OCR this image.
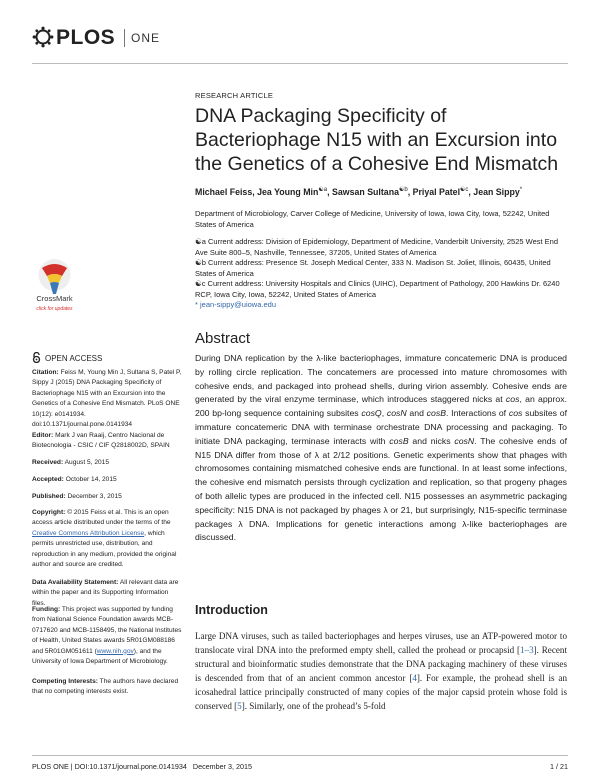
PLOS ONE
RESEARCH ARTICLE
DNA Packaging Specificity of Bacteriophage N15 with an Excursion into the Genetics of a Cohesive End Mismatch
Michael Feiss, Jea Young Min$^{☯a}$, Sawsan Sultana$^{☯b}$, Priyal Patel$^{☯c}$, Jean Sippy*
Department of Microbiology, Carver College of Medicine, University of Iowa, Iowa City, Iowa, 52242, United States of America
☯a Current address: Division of Epidemiology, Department of Medicine, Vanderbilt University, 2525 West End Ave Suite 800–5, Nashville, Tennessee, 37205, United States of America
☯b Current address: Presence St. Joseph Medical Center, 333 N. Madison St. Joliet, Illinois, 60435, United States of America
☯c Current address: University Hospitals and Clinics (UIHC), Department of Pathology, 200 Hawkins Dr. 6240 RCP, Iowa City, Iowa, 52242, United States of America
* jean-sippy@uiowa.edu
CrossMark
click for updates
OPEN ACCESS
Citation: Feiss M, Young Min J, Sultana S, Patel P, Sippy J (2015) DNA Packaging Specificity of Bacteriophage N15 with an Excursion into the Genetics of a Cohesive End Mismatch. PLoS ONE 10(12): e0141934. doi:10.1371/journal.pone.0141934
Editor: Mark J van Raaij, Centro Nacional de Biotecnologia - CSIC / CIF Q2818002D, SPAIN
Received: August 5, 2015
Accepted: October 14, 2015
Published: December 3, 2015
Copyright: © 2015 Feiss et al. This is an open access article distributed under the terms of the Creative Commons Attribution License, which permits unrestricted use, distribution, and reproduction in any medium, provided the original author and source are credited.
Data Availability Statement: All relevant data are within the paper and its Supporting Information files.
Funding: This project was supported by funding from National Science Foundation awards MCB-0717620 and MCB-1158495, the National Institutes of Health, United States awards 5R01GM088186 and 5R01GM051611 (www.nih.gov), and the University of Iowa Department of Microbiology.
Competing Interests: The authors have declared that no competing interests exist.
Abstract
During DNA replication by the λ-like bacteriophages, immature concatemeric DNA is produced by rolling circle replication. The concatemers are processed into mature chromosomes with cohesive ends, and packaged into prohead shells, during virion assembly. Cohesive ends are generated by the viral enzyme terminase, which introduces staggered nicks at cos, an approx. 200 bp-long sequence containing subsites cosQ, cosN and cosB. Interactions of cos subsites of immature concatemeric DNA with terminase orchestrate DNA processing and packaging. To initiate DNA packaging, terminase interacts with cosB and nicks cosN. The cohesive ends of N15 DNA differ from those of λ at 2/12 positions. Genetic experiments show that phages with chromosomes containing mismatched cohesive ends are functional. In at least some infections, the cohesive end mismatch persists through cyclization and replication, so that progeny phages of both allelic types are produced in the infected cell. N15 possesses an asymmetric packaging specificity: N15 DNA is not packaged by phages λ or 21, but surprisingly, N15-specific terminase packages λ DNA. Implications for genetic interactions among λ-like bacteriophages are discussed.
Introduction
Large DNA viruses, such as tailed bacteriophages and herpes viruses, use an ATP-powered motor to translocate viral DNA into the preformed empty shell, called the prohead or procapsid [1–3]. Recent structural and bioinformatic studies demonstrate that the DNA packaging machinery of these viruses is descended from that of an ancient common ancestor [4]. For example, the prohead shell is an icosahedral lattice principally constructed of many copies of the major capsid protein whose fold is conserved [5]. Similarly, one of the prohead’s 5-fold
PLOS ONE | DOI:10.1371/journal.pone.0141934   December 3, 2015	1 / 21
